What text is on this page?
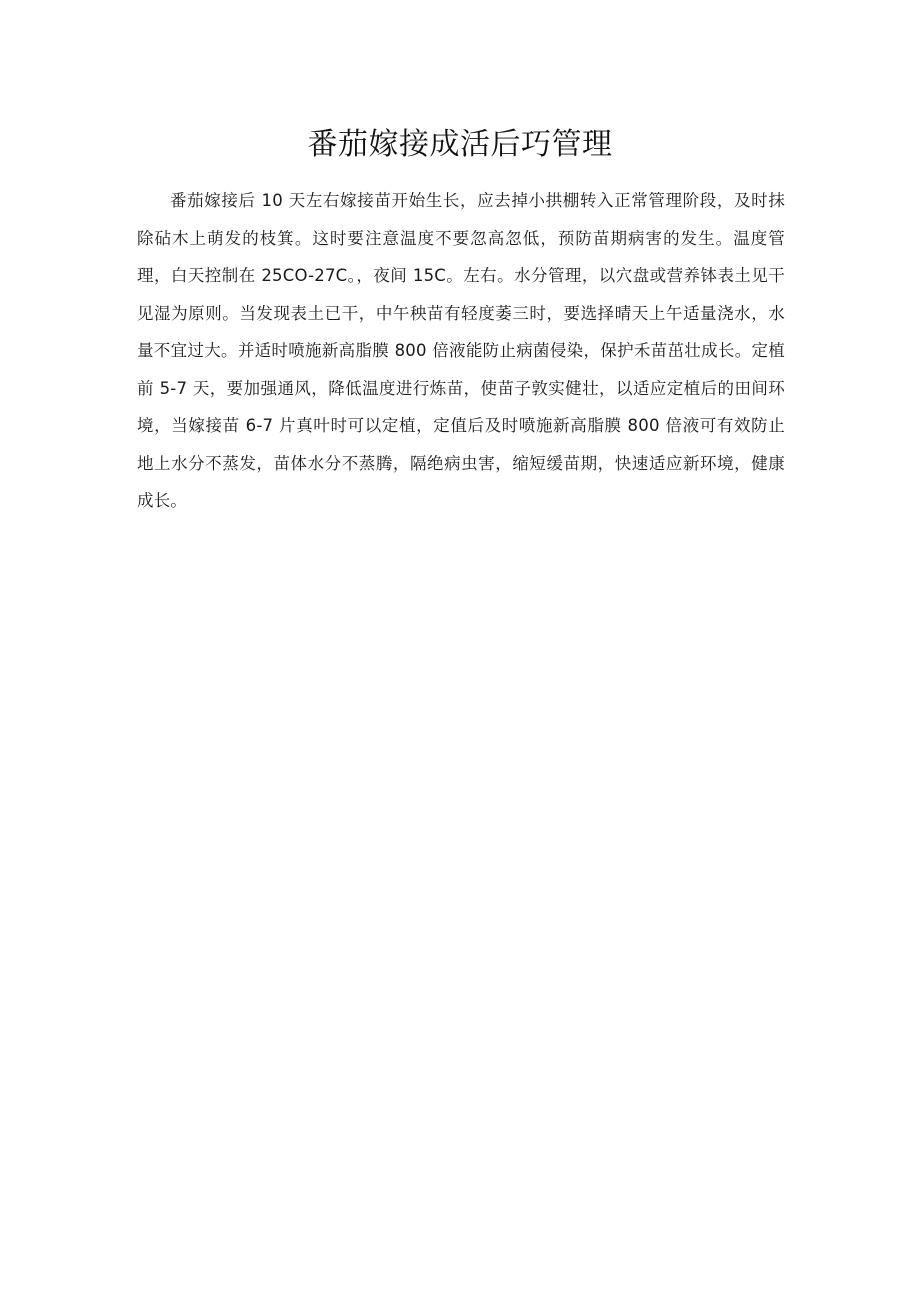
番茄嫁接成活后巧管理

番茄嫁接后 10 天左右嫁接苗开始生长，应去掉小拱棚转入正常管理阶段，及时抹除砧木上萌发的枝箕。这时要注意温度不要忽高忽低，预防苗期病害的发生。温度管理，白天控制在 25CO-27C。，夜间 15C。左右。水分管理，以穴盘或营养钵表土见干见湿为原则。当发现表土已干，中午秧苗有轻度萎三时，要选择晴天上午适量浇水，水量不宜过大。并适时喷施新高脂膜 800 倍液能防止病菌侵染，保护禾苗茁壮成长。定植前 5-7 天，要加强通风，降低温度进行炼苗，使苗子敦实健壮，以适应定植后的田间环境，当嫁接苗 6-7 片真叶时可以定植，定值后及时喷施新高脂膜 800 倍液可有效防止地上水分不蒸发，苗体水分不蒸腾，隔绝病虫害，缩短缓苗期，快速适应新环境，健康成长。
